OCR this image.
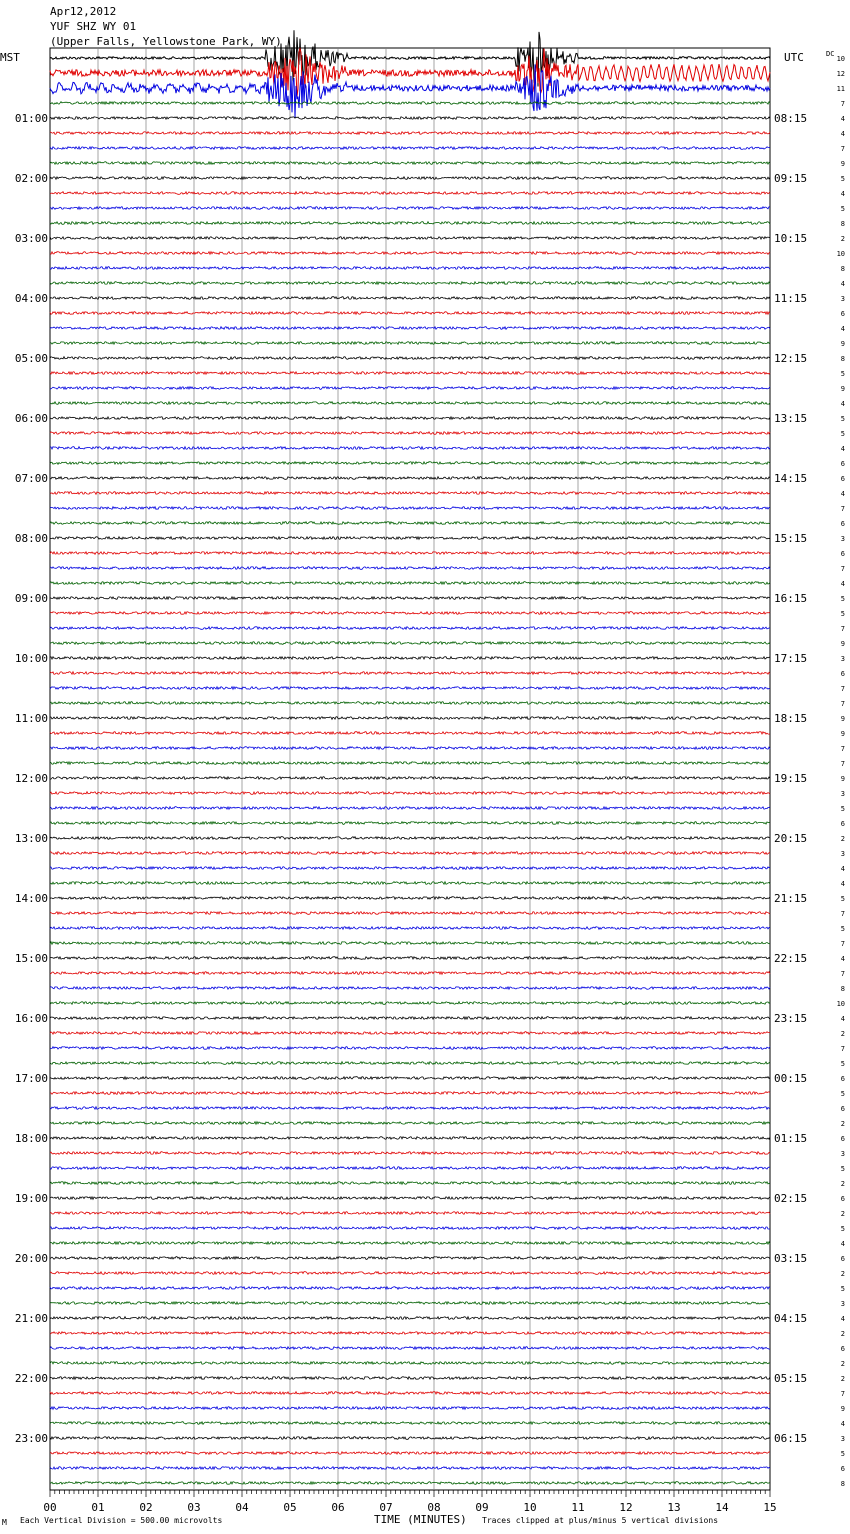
Apr12,2012
YUF SHZ WY 01
(Upper Falls, Yellowstone Park, WY)
MST	UTC	DC
01:00
02:00
03:00
04:00
05:00
06:00
07:00
08:00
09:00
10:00
11:00
12:00
13:00
14:00
15:00
16:00
17:00
18:00
19:00
20:00
21:00
22:00
23:00
08:15
09:15
10:15
11:15
12:15
13:15
14:15
15:15
16:15
17:15
18:15
19:15
20:15
21:15
22:15
23:15
00:15
01:15
02:15
03:15
04:15
05:15
06:15
10
12
11
7
4
4
7
9
5
4
5
8
2
10
8
4
3
6
4
9
8
5
9
4
5
5
4
6
6
4
7
6
3
6
7
4
5
5
7
9
3
6
7
7
9
9
7
7
9
3
5
6
2
3
4
4
5
7
5
7
4
7
8
10
4
2
7
5
6
5
6
2
6
3
5
2
6
2
5
4
6
2
5
3
4
2
6
2
2
7
9
4
3
5
6
8
00	01	02	03	04	05	06	07	08	09	10	11	12	13	14	15
M Each Vertical Division = 500.00 microvolts	TIME (MINUTES) Traces clipped at plus/minus 5 vertical divisions
